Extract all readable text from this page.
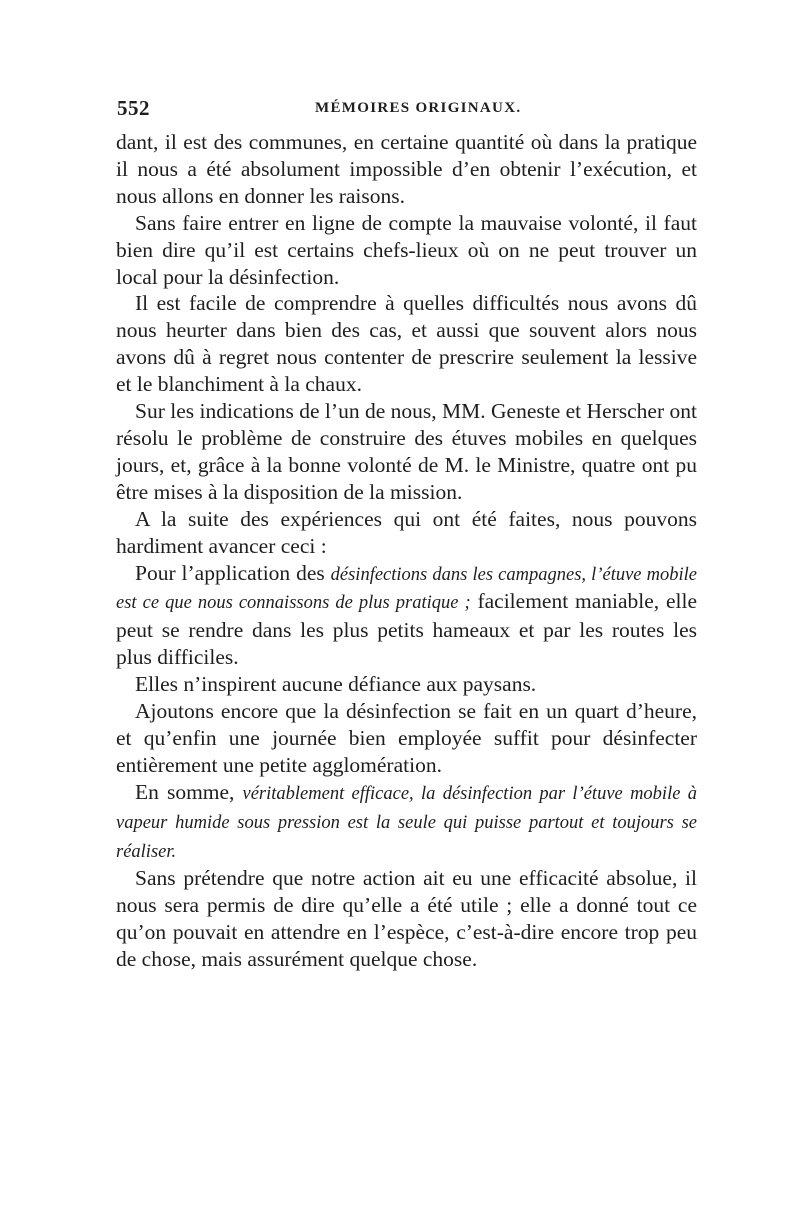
552	MÉMOIRES ORIGINAUX.

dant, il est des communes, en certaine quantité où dans la pratique il nous a été absolument impossible d’en obtenir l’exécution, et nous allons en donner les raisons.

Sans faire entrer en ligne de compte la mauvaise volonté, il faut bien dire qu’il est certains chefs-lieux où on ne peut trouver un local pour la désinfection.

Il est facile de comprendre à quelles difficultés nous avons dû nous heurter dans bien des cas, et aussi que souvent alors nous avons dû à regret nous contenter de prescrire seulement la lessive et le blanchiment à la chaux.

Sur les indications de l’un de nous, MM. Geneste et Herscher ont résolu le problème de construire des étuves mobiles en quelques jours, et, grâce à la bonne volonté de M. le Ministre, quatre ont pu être mises à la disposition de la mission.

A la suite des expériences qui ont été faites, nous pouvons hardiment avancer ceci :

Pour l’application des désinfections dans les campagnes, l’étuve mobile est ce que nous connaissons de plus pratique ; facilement maniable, elle peut se rendre dans les plus petits hameaux et par les routes les plus difficiles.

Elles n’inspirent aucune défiance aux paysans.

Ajoutons encore que la désinfection se fait en un quart d’heure, et qu’enfin une journée bien employée suffit pour désinfecter entièrement une petite agglomération.

En somme, véritablement efficace, la désinfection par l’étuve mobile à vapeur humide sous pression est la seule qui puisse partout et toujours se réaliser.

Sans prétendre que notre action ait eu une efficacité absolue, il nous sera permis de dire qu’elle a été utile ; elle a donné tout ce qu’on pouvait en attendre en l’espèce, c’est-à-dire encore trop peu de chose, mais assurément quelque chose.
